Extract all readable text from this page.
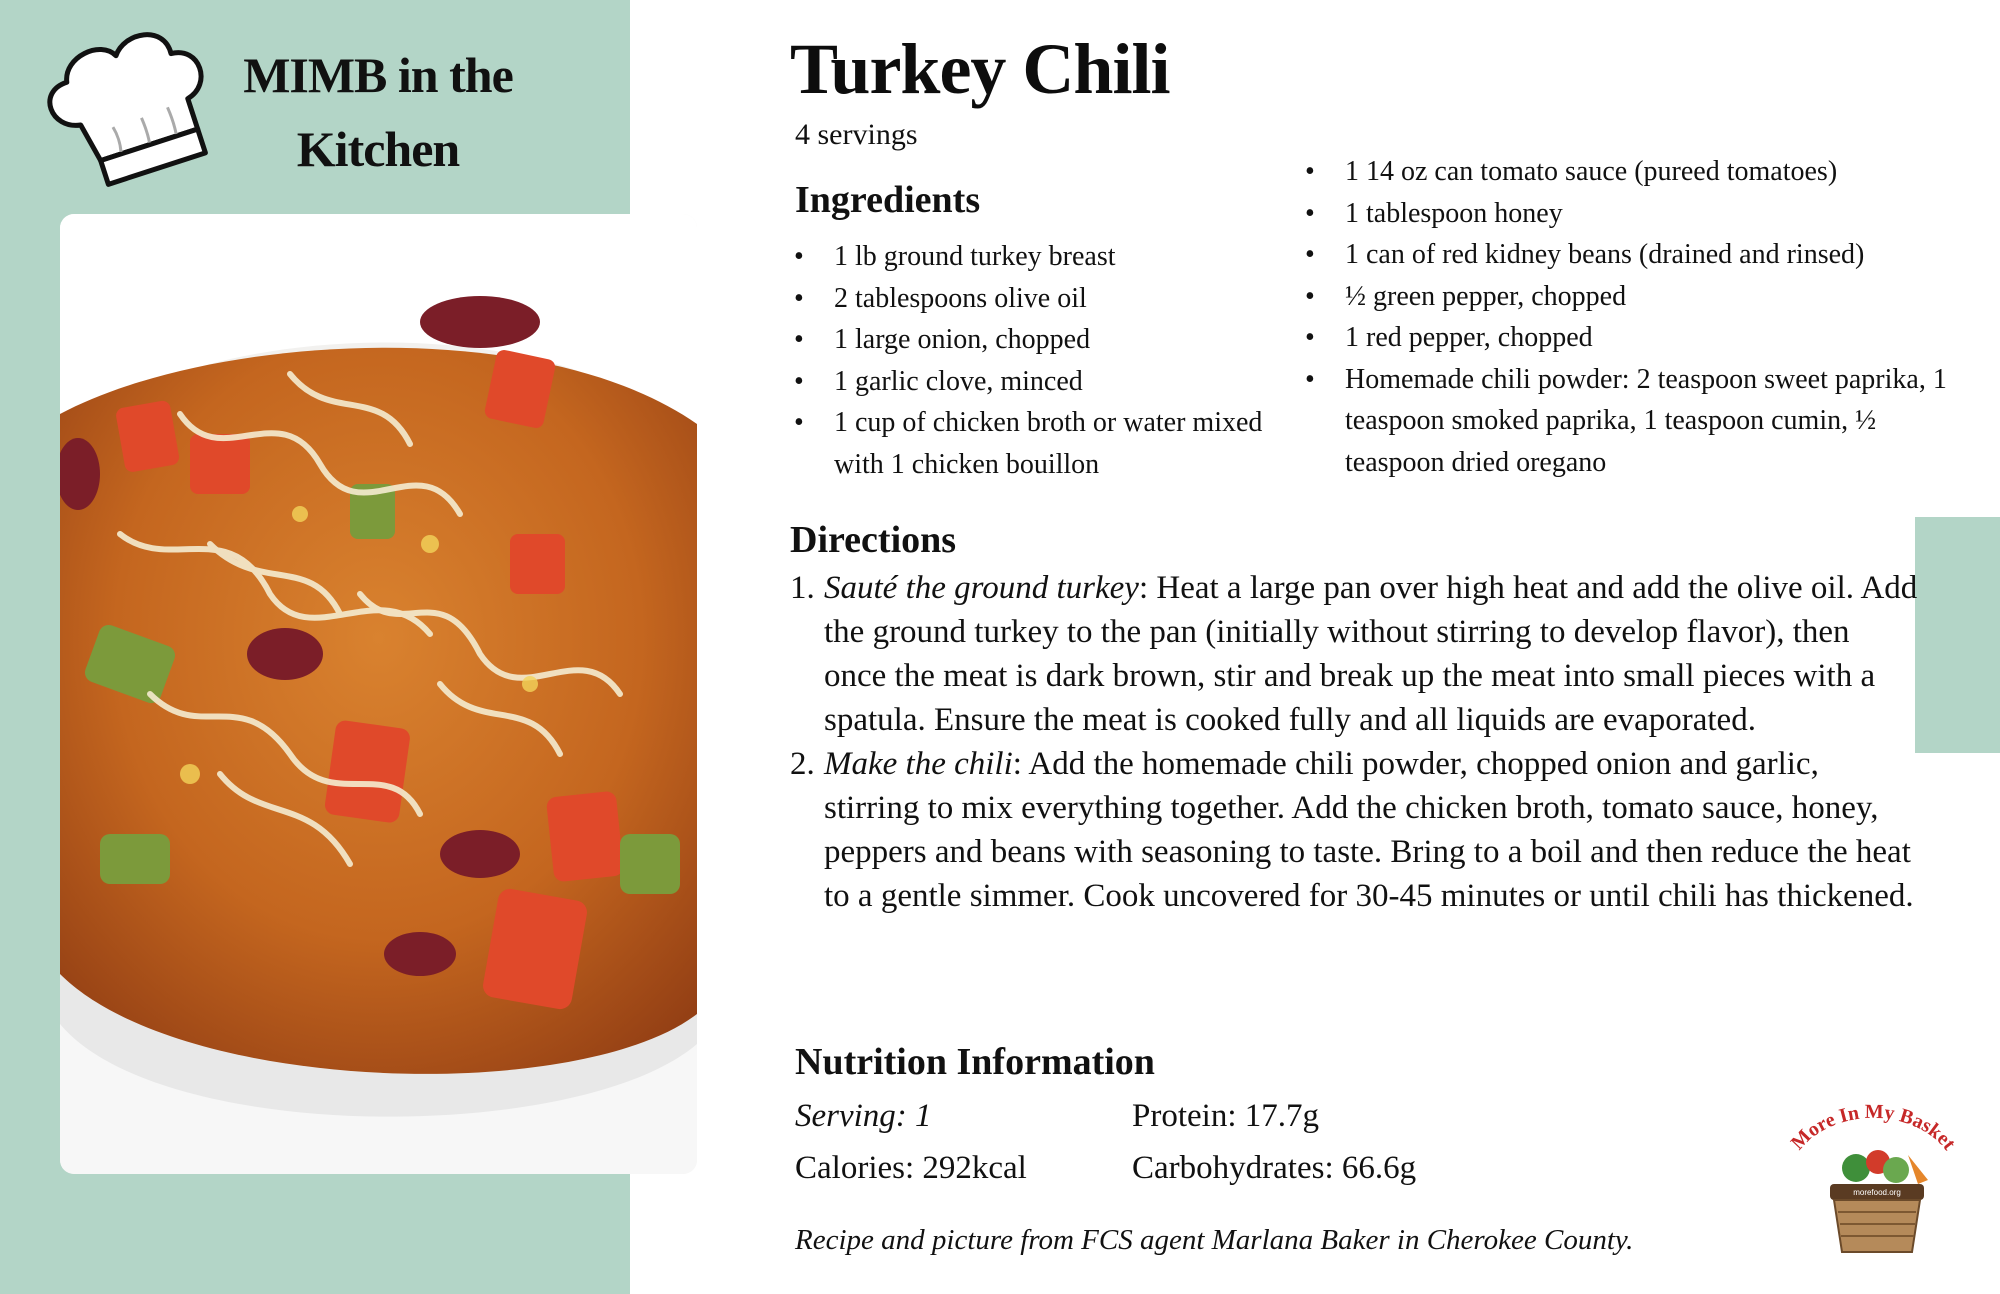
MIMB in the
Kitchen
Turkey Chili
4 servings
Ingredients
• 1 lb ground turkey breast
• 2 tablespoons olive oil
• 1 large onion, chopped
• 1 garlic clove, minced
• 1 cup of chicken broth or water mixed with 1 chicken bouillon
• 1 14 oz can tomato sauce (pureed tomatoes)
• 1 tablespoon honey
• 1 can of red kidney beans (drained and rinsed)
• ½ green pepper, chopped
• 1 red pepper, chopped
• Homemade chili powder: 2 teaspoon sweet paprika, 1 teaspoon smoked paprika, 1 teaspoon cumin, ½ teaspoon dried oregano
Directions
1. Sauté the ground turkey: Heat a large pan over high heat and add the olive oil. Add the ground turkey to the pan (initially without stirring to develop flavor), then once the meat is dark brown, stir and break up the meat into small pieces with a spatula. Ensure the meat is cooked fully and all liquids are evaporated.
2. Make the chili: Add the homemade chili powder, chopped onion and garlic, stirring to mix everything together. Add the chicken broth, tomato sauce, honey, peppers and beans with seasoning to taste. Bring to a boil and then reduce the heat to a gentle simmer. Cook uncovered for 30-45 minutes or until chili has thickened.
Nutrition Information
Serving: 1
Calories: 292kcal
Protein: 17.7g
Carbohydrates: 66.6g
Recipe and picture from FCS agent Marlana Baker in Cherokee County.
More In My Basket
morefood.org
